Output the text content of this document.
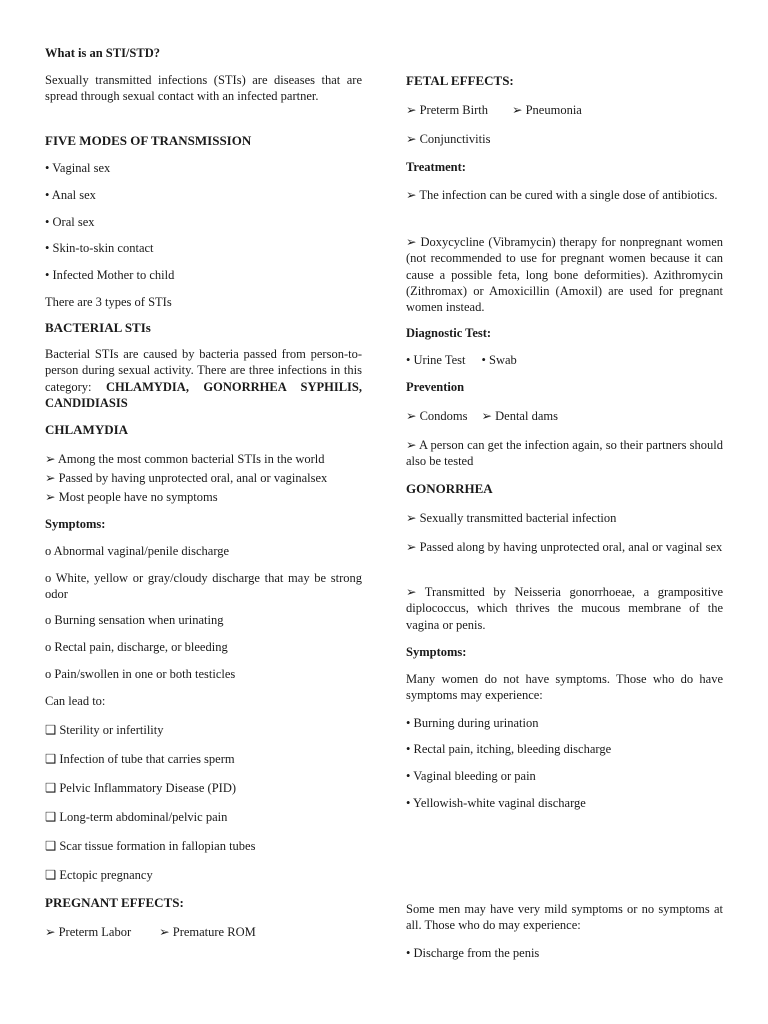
What is an STI/STD?

Sexually transmitted infections (STIs) are diseases that are spread through sexual contact with an infected partner.

FIVE MODES OF TRANSMISSION

• Vaginal sex
• Anal sex
• Oral sex
• Skin-to-skin contact
• Infected Mother to child
There are 3 types of STIs

BACTERIAL STIs

Bacterial STIs are caused by bacteria passed from person-to-person during sexual activity. There are three infections in this category: CHLAMYDIA, GONORRHEA SYPHILIS, CANDIDIASIS

CHLAMYDIA

➢ Among the most common bacterial STIs in the world
➢ Passed by having unprotected oral, anal or vaginalsex
➢ Most people have no symptoms

Symptoms:

o Abnormal vaginal/penile discharge

o White, yellow or gray/cloudy discharge that may be strong odor

o Burning sensation when urinating
o Rectal pain, discharge, or bleeding
o Pain/swollen in one or both testicles
Can lead to:
❑ Sterility or infertility
❑ Infection of tube that carries sperm
❑ Pelvic Inflammatory Disease (PID)
❑ Long-term abdominal/pelvic pain
❑ Scar tissue formation in fallopian tubes
❑ Ectopic pregnancy

PREGNANT EFFECTS:

➢ Preterm Labor ➢ Premature ROM

FETAL EFFECTS:

➢ Preterm Birth ➢ Pneumonia
➢ Conjunctivitis

Treatment:

➢ The infection can be cured with a single dose of antibiotics.

➢ Doxycycline (Vibramycin) therapy for nonpregnant women (not recommended to use for pregnant women because it can cause a possible feta, long bone deformities). Azithromycin (Zithromax) or Amoxicillin (Amoxil) are used for pregnant women instead.

Diagnostic Test:

• Urine Test • Swab

Prevention

➢ Condoms ➢ Dental dams

➢ A person can get the infection again, so their partners should also be tested

GONORRHEA

➢ Sexually transmitted bacterial infection

➢ Passed along by having unprotected oral, anal or vaginal sex

➢ Transmitted by Neisseria gonorrhoeae, a grampositive diplococcus, which thrives the mucous membrane of the vagina or penis.

Symptoms:

Many women do not have symptoms. Those who do have symptoms may experience:

• Burning during urination
• Rectal pain, itching, bleeding discharge
• Vaginal bleeding or pain
• Yellowish-white vaginal discharge

Some men may have very mild symptoms or no symptoms at all. Those who do may experience:

• Discharge from the penis
